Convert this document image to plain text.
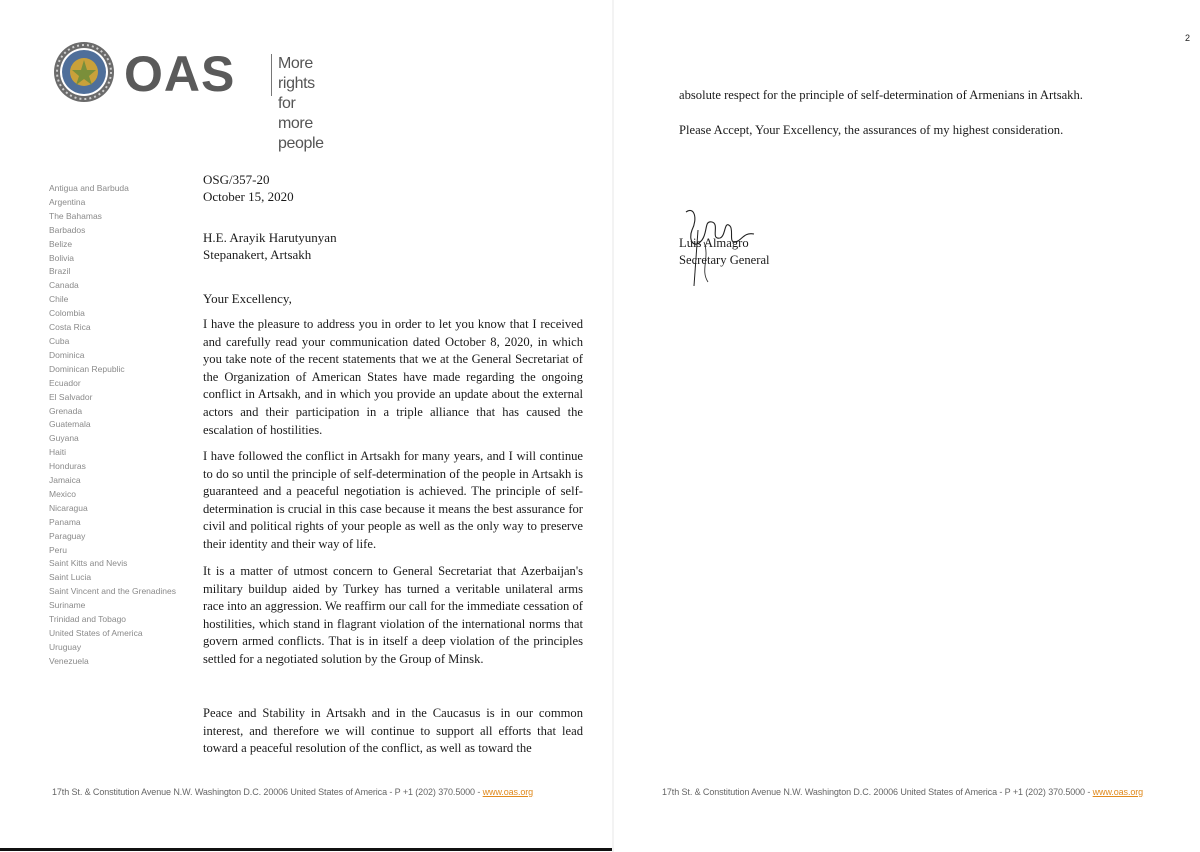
OAS	More rights
for more people
Antigua and Barbuda
Argentina
The Bahamas
Barbados
Belize
Bolivia
Brazil
Canada
Chile
Colombia
Costa Rica
Cuba
Dominica
Dominican Republic
Ecuador
El Salvador
Grenada
Guatemala
Guyana
Haiti
Honduras
Jamaica
Mexico
Nicaragua
Panama
Paraguay
Peru
Saint Kitts and Nevis
Saint Lucia
Saint Vincent and the Grenadines
Suriname
Trinidad and Tobago
United States of America
Uruguay
Venezuela
OSG/357-20
October 15, 2020
H.E. Arayik Harutyunyan
Stepanakert, Artsakh
Your Excellency,

I have the pleasure to address you in order to let you know that I received and carefully read your communication dated October 8, 2020, in which you take note of the recent statements that we at the General Secretariat of the Organization of American States have made regarding the ongoing conflict in Artsakh, and in which you provide an update about the external actors and their participation in a triple alliance that has caused the escalation of hostilities.

I have followed the conflict in Artsakh for many years, and I will continue to do so until the principle of self-determination of the people in Artsakh is guaranteed and a peaceful negotiation is achieved. The principle of self-determination is crucial in this case because it means the best assurance for civil and political rights of your people as well as the only way to preserve their identity and their way of life.

It is a matter of utmost concern to General Secretariat that Azerbaijan's military buildup aided by Turkey has turned a veritable unilateral arms race into an aggression. We reaffirm our call for the immediate cessation of hostilities, which stand in flagrant violation of the international norms that govern armed conflicts. That is in itself a deep violation of the principles settled for a negotiated solution by the Group of Minsk.

Peace and Stability in Artsakh and in the Caucasus is in our common interest, and therefore we will continue to support all efforts that lead toward a peaceful resolution of the conflict, as well as toward the

17th St. & Constitution Avenue N.W. Washington D.C. 20006 United States of America - P +1 (202) 370.5000 - www.oas.org
2
absolute respect for the principle of self-determination of Armenians in Artsakh.
Please Accept, Your Excellency, the assurances of my highest consideration.
Luis Almagro
Secretary General
17th St. & Constitution Avenue N.W. Washington D.C. 20006 United States of America - P +1 (202) 370.5000 - www.oas.org
